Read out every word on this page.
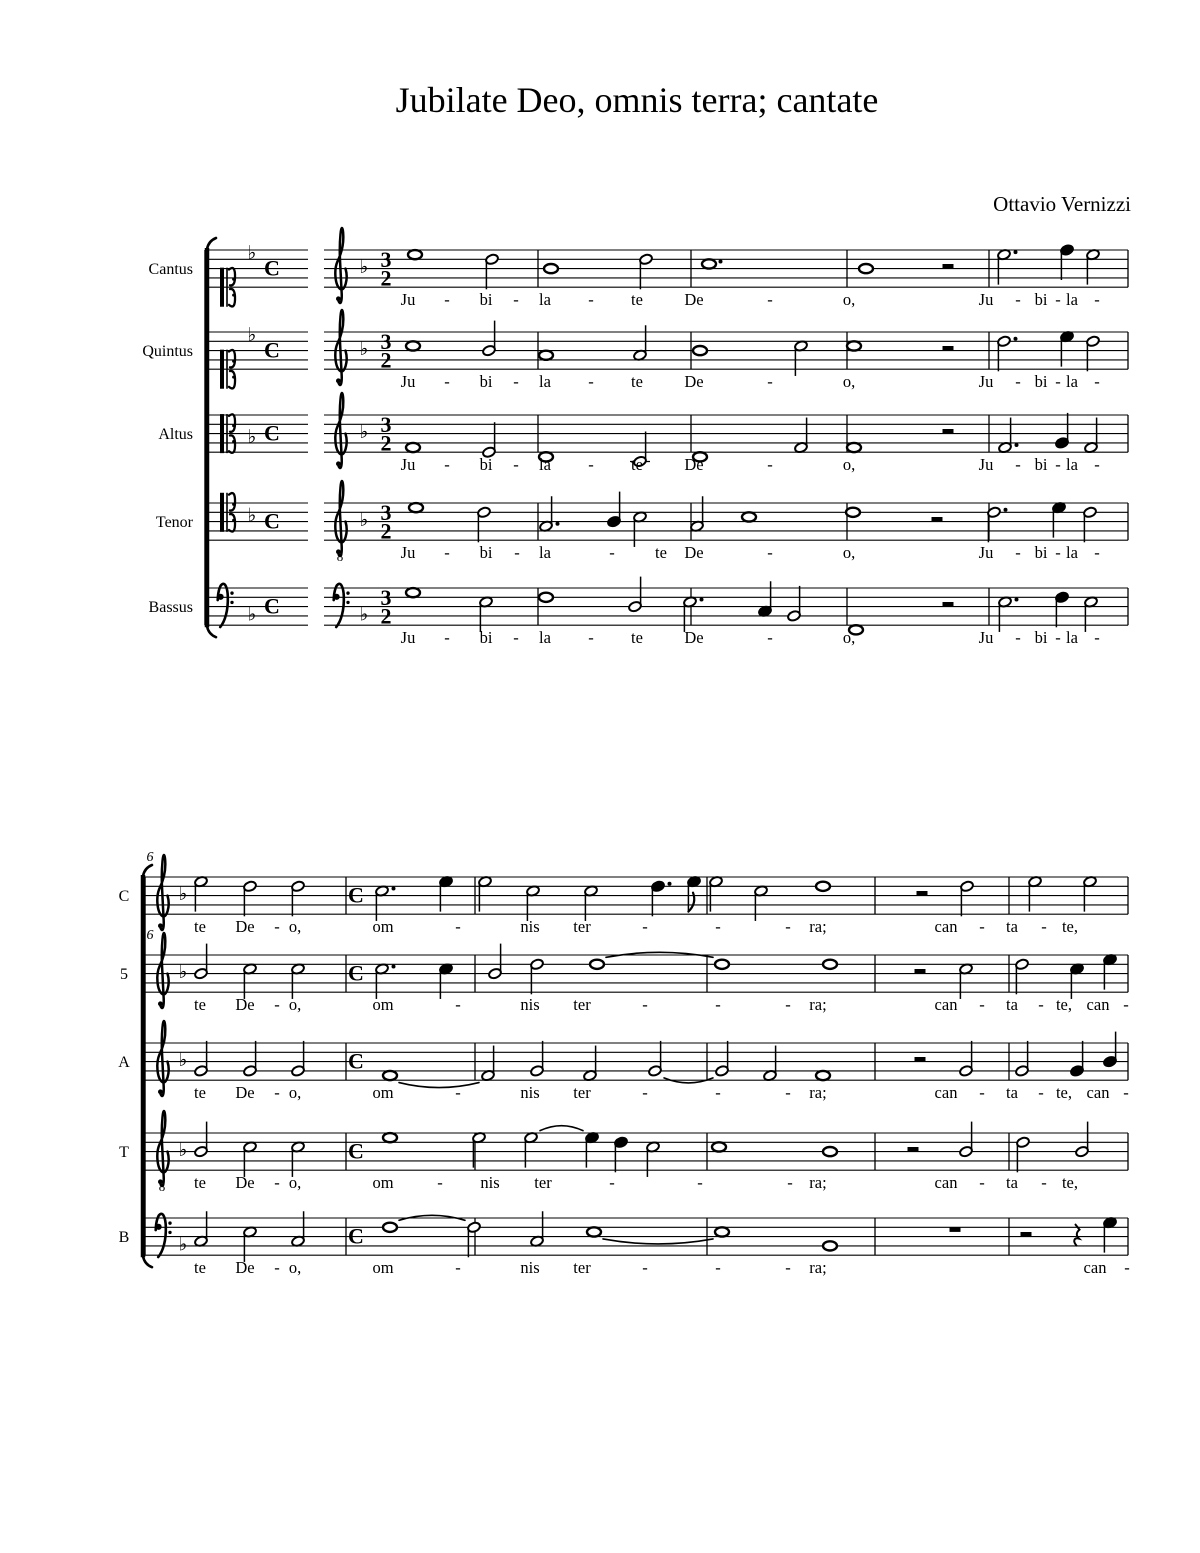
Jubilate Deo, omnis terra; cantate
Ottavio Vernizzi
Cantus
♭
C	♭ 3
2
Ju - bi - la - te	De	-	o,	Ju - bi - la -
Quintus
♭
C	♭ 3
2
Ju - bi - la - te	De	-	o,	Ju - bi - la -
Altus	♭ C	♭ 3
2
Ju - bi - la - te	De	-	o,	Ju - bi - la -
Tenor	♭ C
8
♭ 3
2
Ju - bi - la	- te De	-	o,	Ju - bi - la -
Bassus	♭ C	♭
3
2
Ju - bi - la - te	De	-	o,	Ju - bi - la -
C	♭	C
te De - o,	om	-	nis ter	-	-	- ra;	can - ta - te,
5	♭	C
te De - o,	om	-	nis ter	-	-	- ra;	can - ta - te, can -
A	♭	C
te De - o,	om	-	nis ter	-	-	- ra;	can - ta - te, can -
T
8
♭	C
te De - o,	om	- nis ter	-	-	- ra;	can - ta - te,
B	♭	C
te De - o,	om	-	nis ter	-	-	- ra;	can -
6
6
